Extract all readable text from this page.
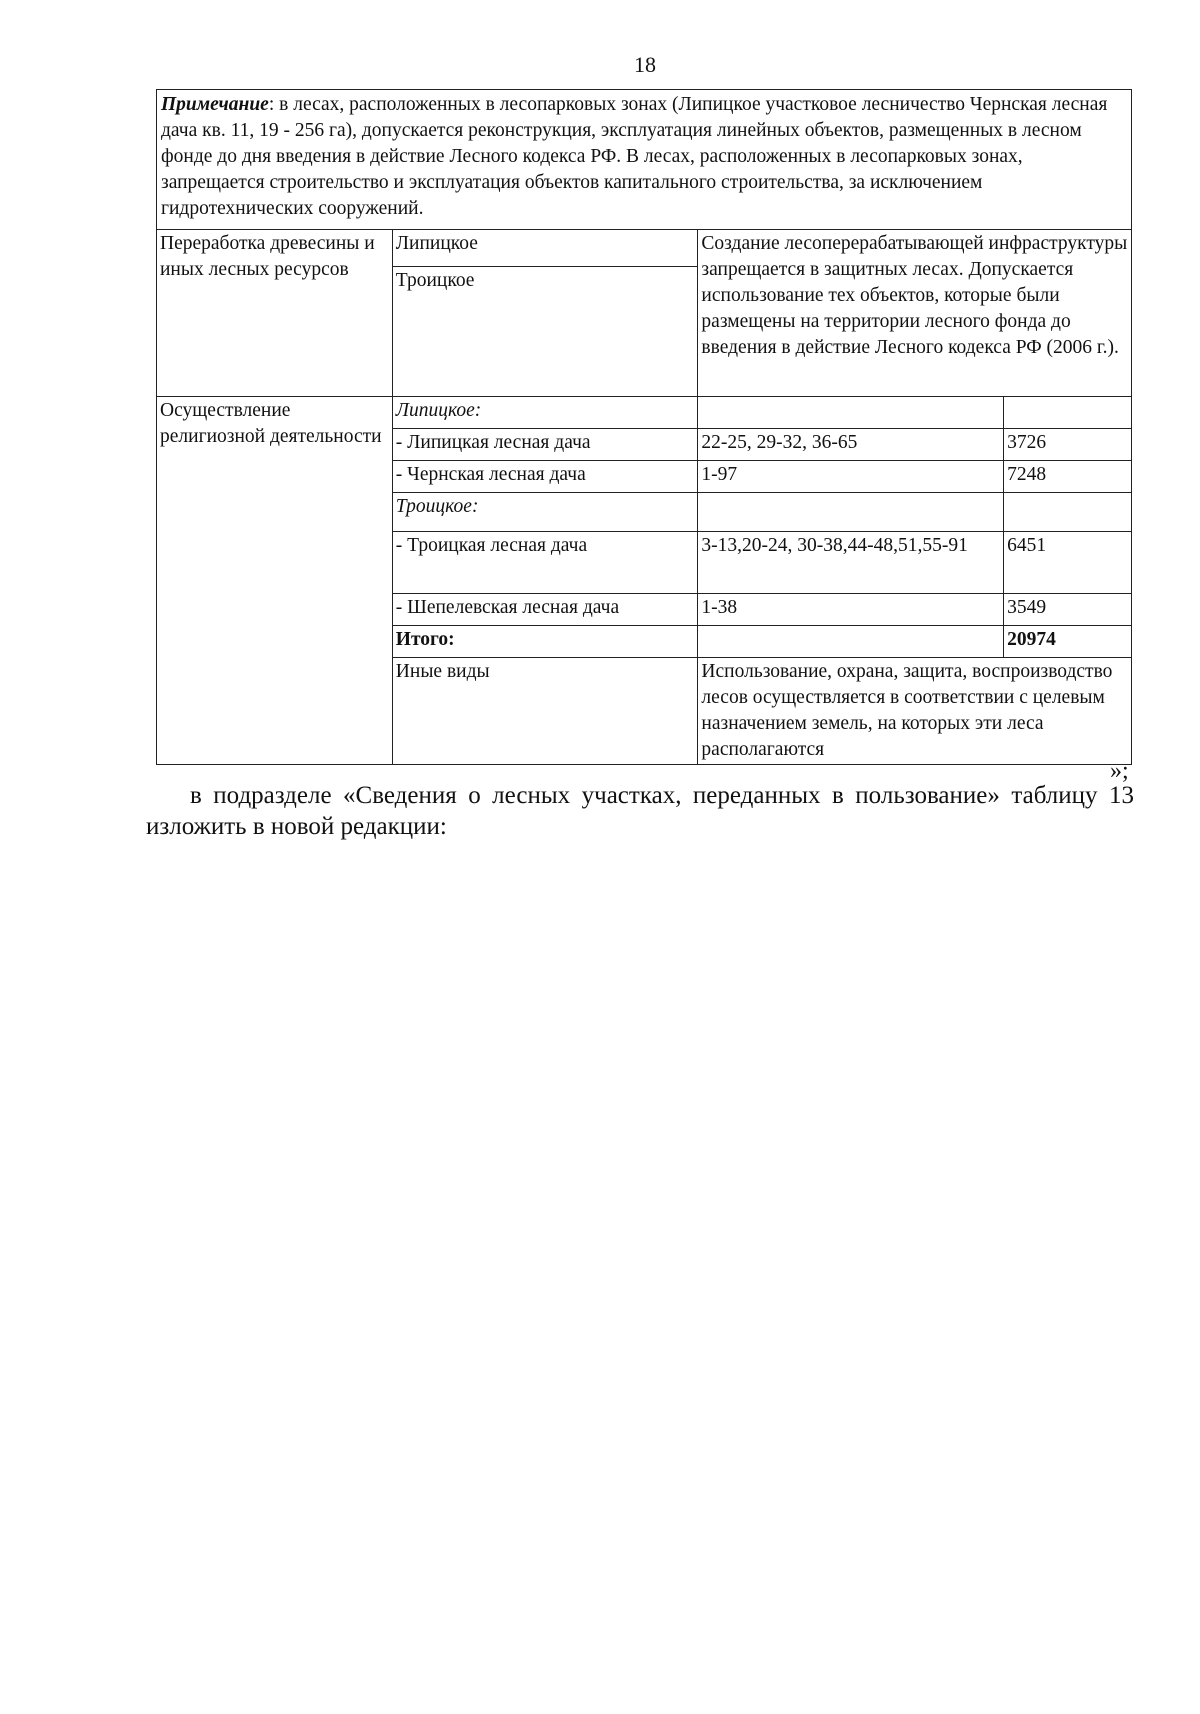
18
Примечание: в лесах, расположенных в лесопарковых зонах (Липицкое участковое лесничество Чернская лесная дача кв. 11, 19 - 256 га), допускается реконструкция, эксплуатация линейных объектов, размещенных в лесном фонде до дня введения в действие Лесного кодекса РФ. В лесах, расположенных в лесопарковых зонах, запрещается строительство и эксплуатация объектов капитального строительства, за исключением гидротехнических сооружений.
Переработка древесины и иных лесных ресурсов	Липицкое	Создание лесоперерабатывающей инфраструктуры запрещается в защитных лесах. Допускается использование тех объектов, которые были размещены на территории лесного фонда до введения в действие Лесного кодекса РФ (2006 г.).	
	Троицкое		
Осуществление религиозной деятельности	Липицкое:		
	- Липицкая лесная дача	22-25, 29-32, 36-65	3726
	- Чернская лесная дача	1-97	7248
	Троицкое:		
	- Троицкая лесная дача	3-13,20-24, 30-38,44-48,51,55-91	6451
	- Шепелевская лесная дача	1-38	3549
	Итого:		20974
	Иные виды	Использование, охрана, защита, воспроизводство лесов осуществляется в соответствии с целевым назначением земель, на которых эти леса располагаются	
»;
в подразделе «Сведения о лесных участках, переданных в пользование» таблицу 13 изложить в новой редакции:
